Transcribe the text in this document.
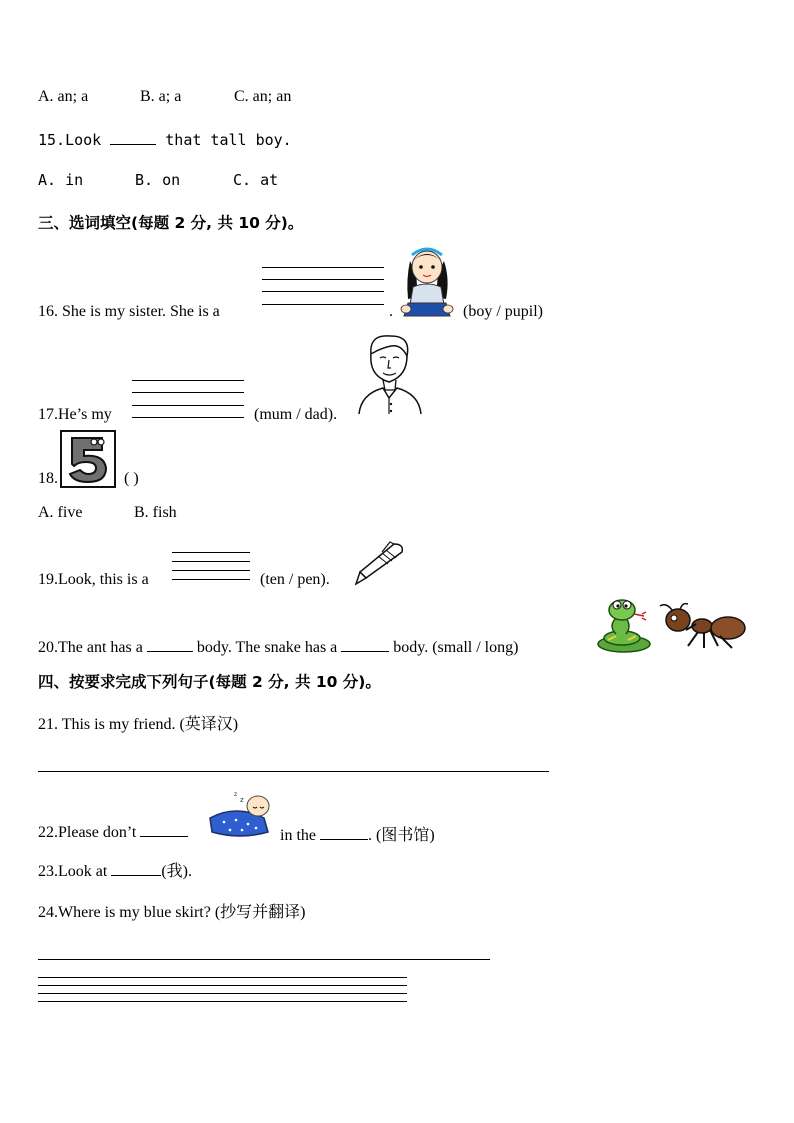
A. an; a	B. a; a	C. an; an
15.Look	that tall boy.
A. in	B. on	C. at
三、选词填空(每题 2 分, 共 10 分)。
16. She is my sister. She is a	.	(boy / pupil)
17.He’s my	(mum / dad).
18.	( )
A. five	B. fish
19.Look, this is a	(ten / pen).
20.The ant has a	body. The snake has a	body. (small / long)
四、按要求完成下列句子(每题 2 分, 共 10 分)。
21. This is my friend. (英译汉)
22.Please don’t
z
z
in the	. (图书馆)
23.Look at	(我).
24.Where is my blue skirt? (抄写并翻译)
